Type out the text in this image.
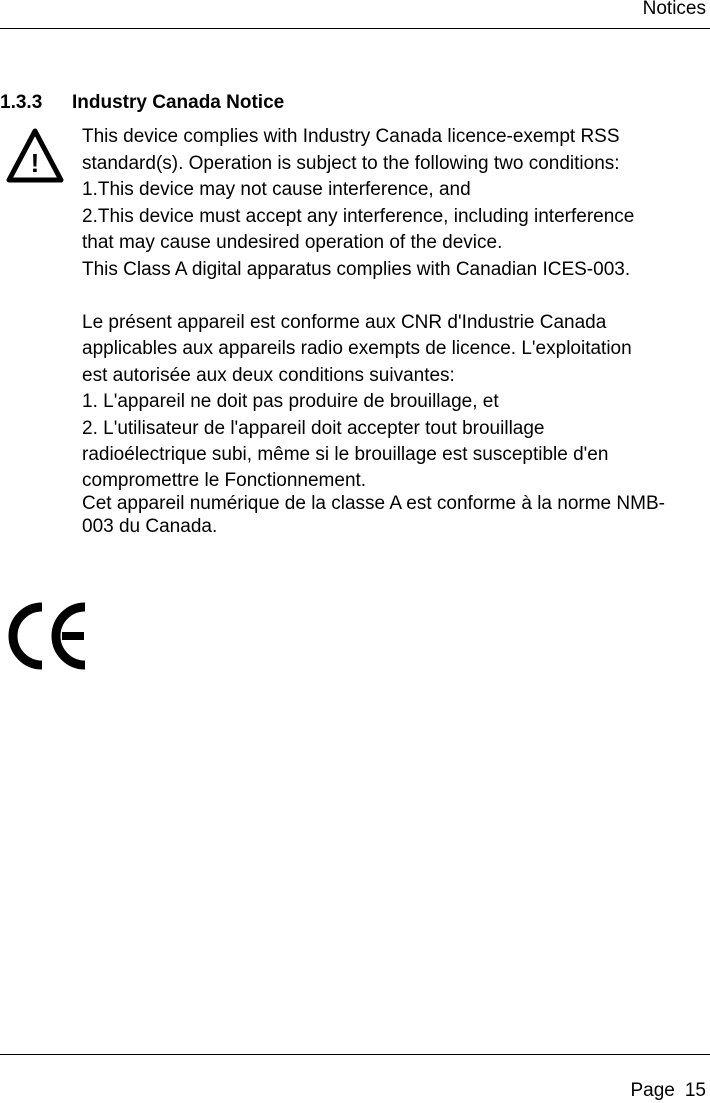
Notices
1.3.3 Industry Canada Notice
!
This device complies with Industry Canada licence-exempt RSS
standard(s). Operation is subject to the following two conditions:
1.This device may not cause interference, and
2.This device must accept any interference, including interference
that may cause undesired operation of the device.
This Class A digital apparatus complies with Canadian ICES-003.
Le présent appareil est conforme aux CNR d'Industrie Canada
applicables aux appareils radio exempts de licence. L'exploitation
est autorisée aux deux conditions suivantes:
1. L'appareil ne doit pas produire de brouillage, et
2. L'utilisateur de l'appareil doit accepter tout brouillage
radioélectrique subi, même si le brouillage est susceptible d'en
compromettre le Fonctionnement.
Cet appareil numérique de la classe A est conforme à la norme NMB-
003 du Canada.
Page 15
